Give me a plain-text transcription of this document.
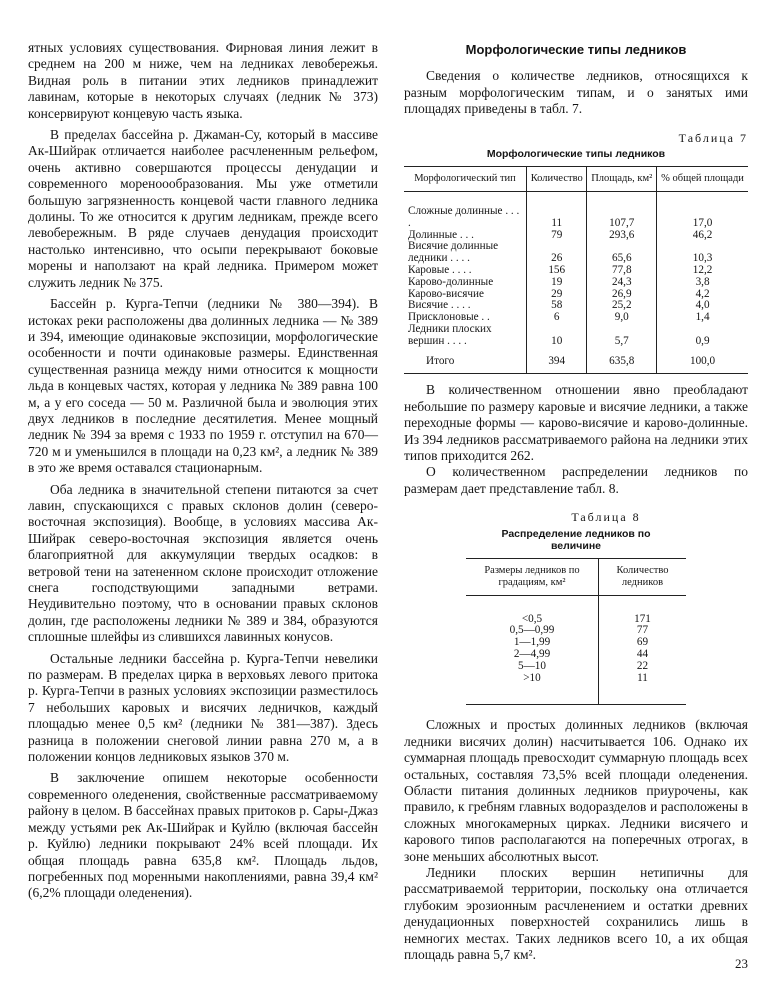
ятных условиях существования. Фирновая линия лежит в среднем на 200 м ниже, чем на ледниках левобережья. Видная роль в питании этих ледников принадлежит лавинам, которые в некоторых случаях (ледник № 373) консервируют концевую часть языка.

В пределах бассейна р. Джаман-Су, который в массиве Ак-Шийрак отличается наиболее расчлененным рельефом, очень активно совершаются процессы денудации и современного мореноообразования. Мы уже отметили большую загрязненность концевой части главного ледника долины. То же относится к другим ледникам, прежде всего левобережным. В ряде случаев денудация происходит настолько интенсивно, что осыпи перекрывают боковые морены и наползают на край ледника. Примером может служить ледник № 375.

Бассейн р. Курга-Тепчи (ледники № 380—394). В истоках реки расположены два долинных ледника — № 389 и 394, имеющие одинаковые экспозиции, морфологические особенности и почти одинаковые размеры. Единственная существенная разница между ними относится к мощности льда в концевых частях, которая у ледника № 389 равна 100 м, а у его соседа — 50 м. Различной была и эволюция этих двух ледников в последние десятилетия. Менее мощный ледник № 394 за время с 1933 по 1959 г. отступил на 670—720 м и уменьшился в площади на 0,23 км², а ледник № 389 в это же время оставался стационарным.

Оба ледника в значительной степени питаются за счет лавин, спускающихся с правых склонов долин (северо-восточная экспозиция). Вообще, в условиях массива Ак-Шийрак северо-восточная экспозиция является очень благоприятной для аккумуляции твердых осадков: в ветровой тени на затененном склоне происходит отложение снега господствующими западными ветрами. Неудивительно поэтому, что в основании правых склонов долин, где расположены ледники № 389 и 384, образуются сплошные шлейфы из слившихся лавинных конусов.

Остальные ледники бассейна р. Курга-Тепчи невелики по размерам. В пределах цирка в верховьях левого притока р. Курга-Тепчи в разных условиях экспозиции разместилось 7 небольших каровых и висячих ледничков, каждый площадью менее 0,5 км² (ледники № 381—387). Здесь разница в положении снеговой линии равна 270 м, а в положении концов ледниковых языков 370 м.

В заключение опишем некоторые особенности современного оледенения, свойственные рассматриваемому району в целом. В бассейнах правых притоков р. Сары-Джаз между устьями рек Ак-Шийрак и Куйлю (включая бассейн р. Куйлю) ледники покрывают 24% всей площади. Их общая площадь равна 635,8 км². Площадь льдов, погребенных под моренными накоплениями, равна 39,4 км² (6,2% площади оледенения).

Морфологические типы ледников

Сведения о количестве ледников, относящихся к разным морфологическим типам, и о занятых ими площадях приведены в табл. 7.

Таблица 7
Морфологические типы ледников
Морфологический тип	Количество	Площадь, км²	% общей площади
Сложные долинные . . . .	11	107,7	17,0
Долинные . . .	79	293,6	46,2
Висячие долинные ледники . . . .	26	65,6	10,3
Каровые . . . .	156	77,8	12,2
Карово-долинные	19	24,3	3,8
Карово-висячие	29	26,9	4,2
Висячие . . . .	58	25,2	4,0
Присклоновые . .	6	9,0	1,4
Ледники плоских вершин . . . .	10	5,7	0,9
Итого	394	635,8	100,0

В количественном отношении явно преобладают небольшие по размеру каровые и висячие ледники, а также переходные формы — карово-висячие и карово-долинные. Из 394 ледников рассматриваемого района на ледники этих типов приходится 262.

О количественном распределении ледников по размерам дает представление табл. 8.

Таблица 8
Распределение ледников по величине
Размеры ледников по градациям, км²	Количество ледников
<0,5	171
0,5—0,99	77
1—1,99	69
2—4,99	44
5—10	22
>10	11

Сложных и простых долинных ледников (включая ледники висячих долин) насчитывается 106. Однако их суммарная площадь превосходит суммарную площадь всех остальных, составляя 73,5% всей площади оледенения. Области питания долинных ледников приурочены, как правило, к гребням главных водоразделов и расположены в сложных многокамерных цирках. Ледники висячего и карового типов располагаются на поперечных отрогах, в зоне меньших абсолютных высот.

Ледники плоских вершин нетипичны для рассматриваемой территории, поскольку она отличается глубоким эрозионным расчленением и остатки древних денудационных поверхностей сохранились лишь в немногих местах. Таких ледников всего 10, а их общая площадь равна 5,7 км².

23
